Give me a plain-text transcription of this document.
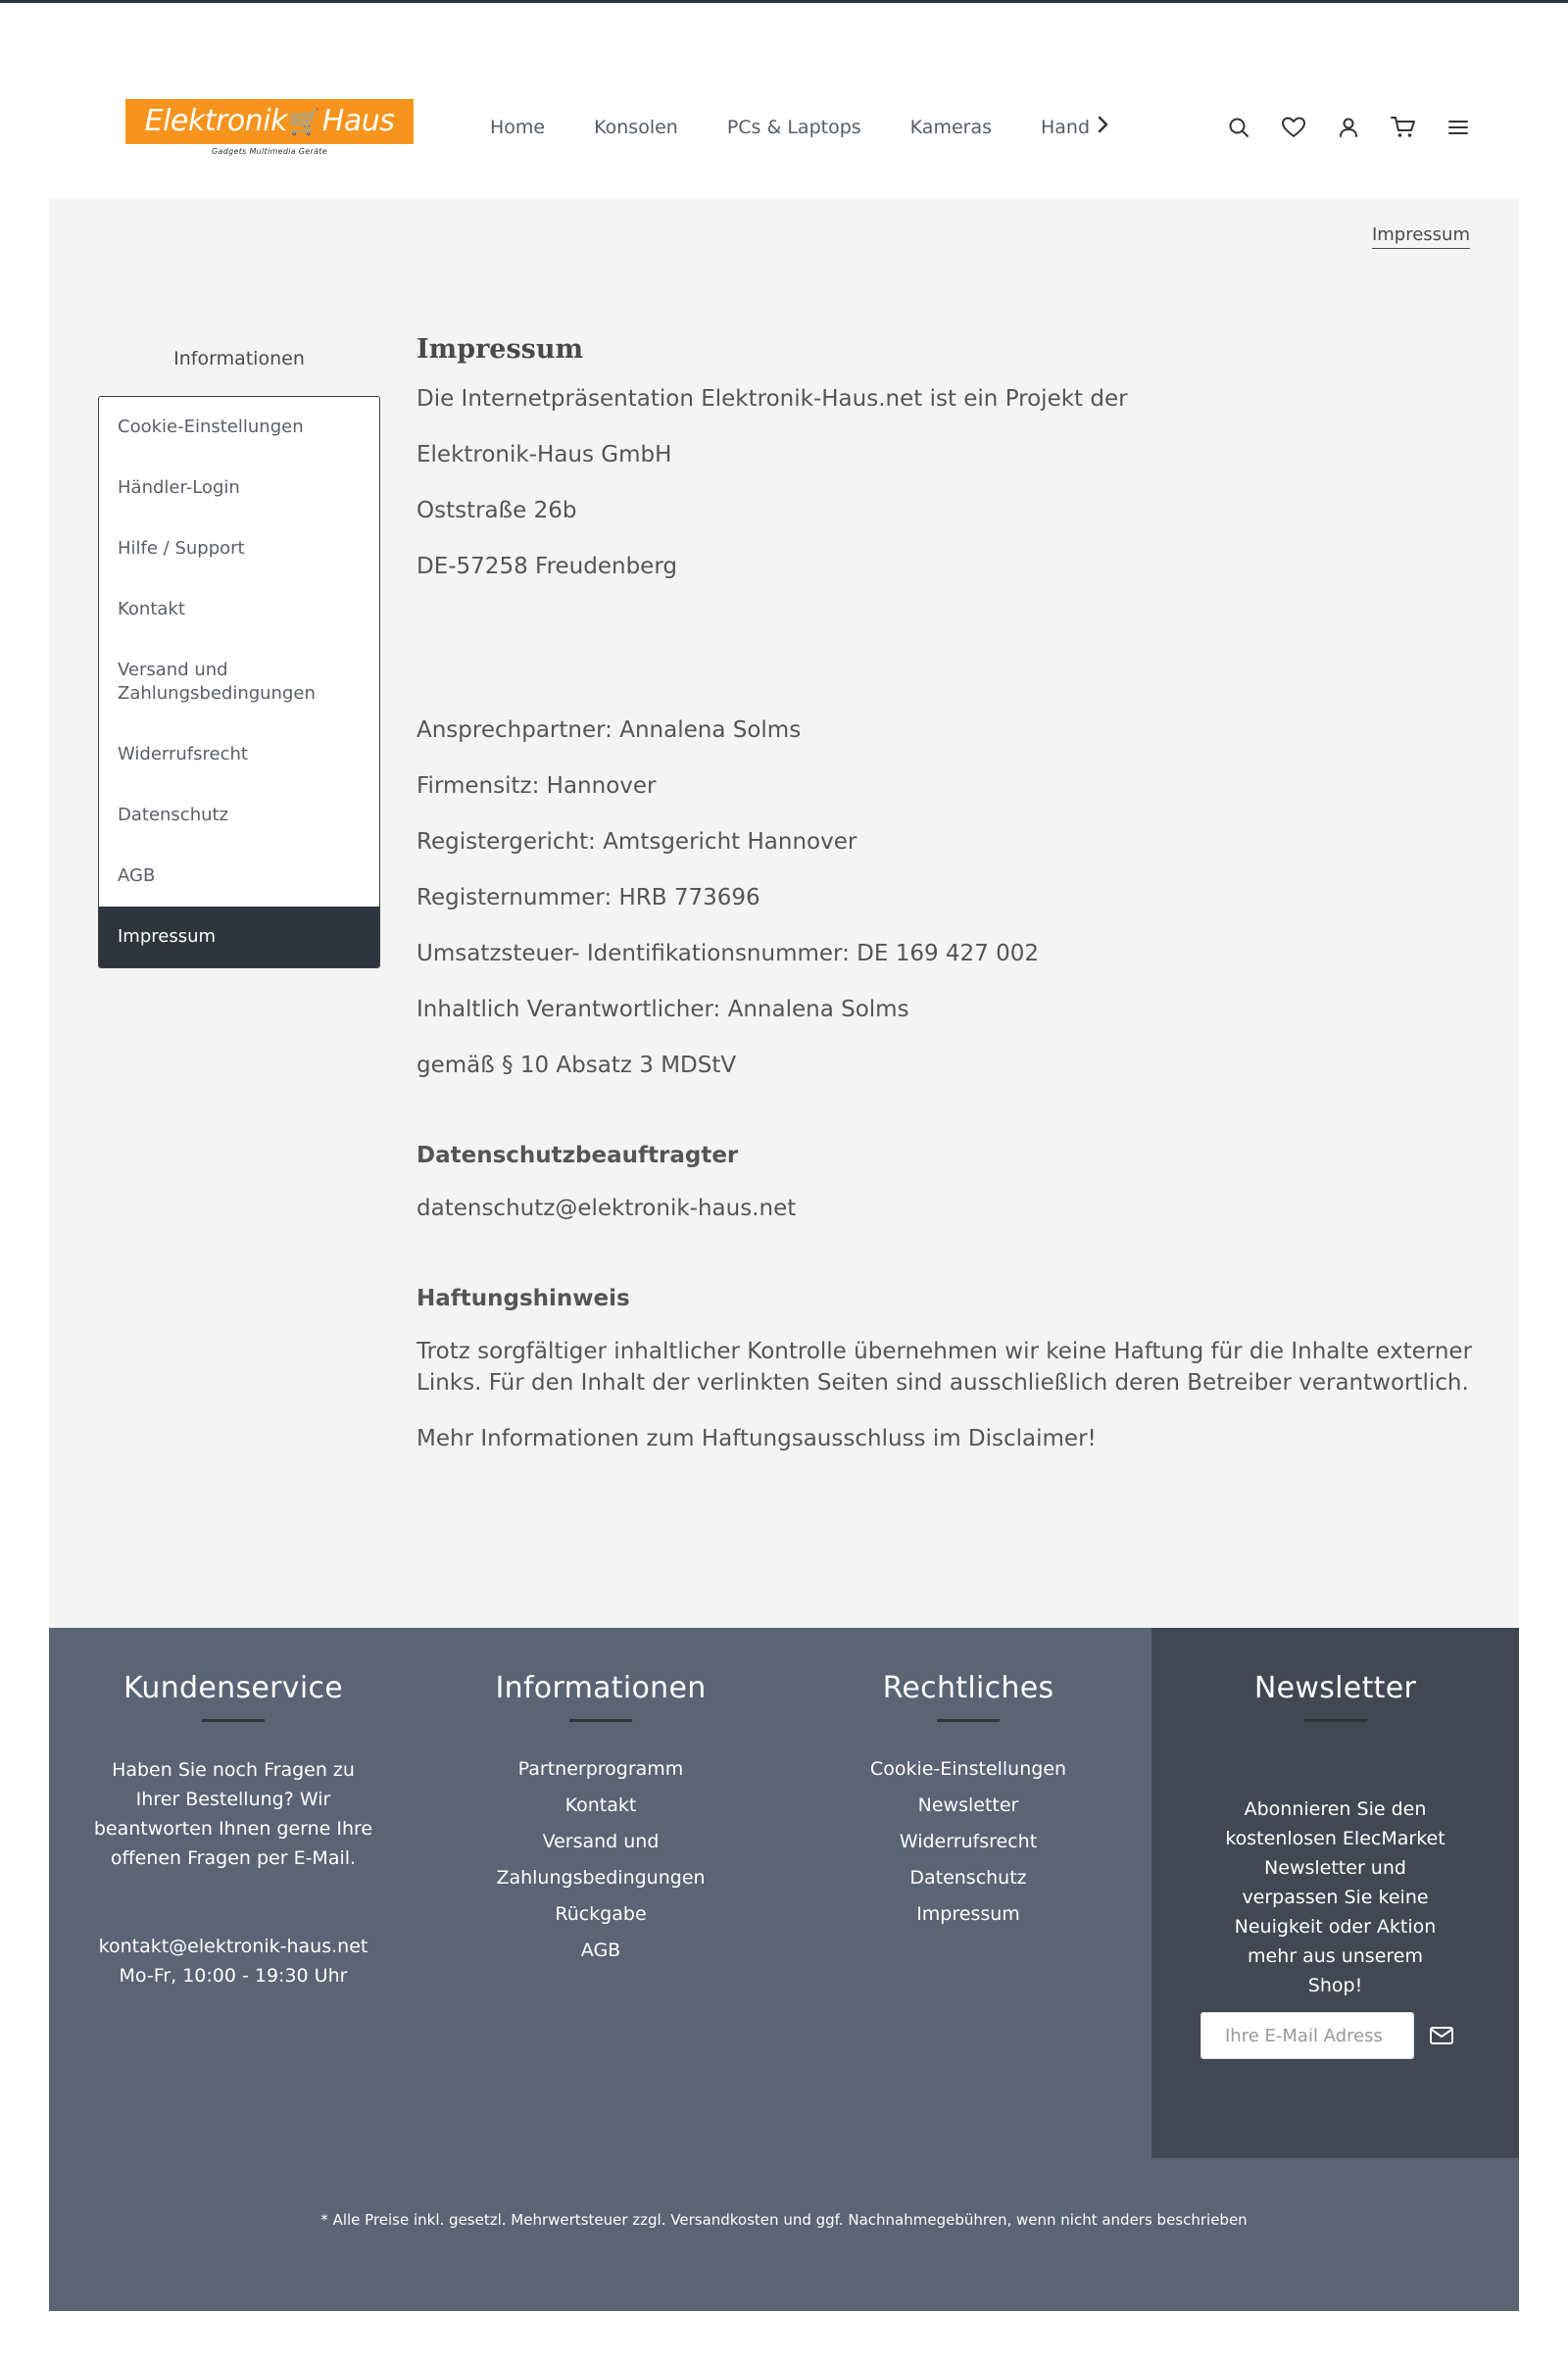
Elektronik🛒Haus
Gadgets Multimedia Geräte
Home	Konsolen	PCs & Laptops	Kameras	Hand
Impressum
Informationen
Cookie-Einstellungen
Händler-Login
Hilfe / Support
Kontakt
Versand und Zahlungsbedingungen
Widerrufsrecht
Datenschutz
AGB
Impressum
Impressum

Die Internetpräsentation Elektronik-Haus.net ist ein Projekt der

Elektronik-Haus GmbH

Oststraße 26b

DE-57258 Freudenberg

Ansprechpartner: Annalena Solms

Firmensitz: Hannover

Registergericht: Amtsgericht Hannover

Registernummer: HRB 773696

Umsatzsteuer- Identifikationsnummer: DE 169 427 002

Inhaltlich Verantwortlicher: Annalena Solms

gemäß § 10 Absatz 3 MDStV

Datenschutzbeauftragter

datenschutz@elektronik-haus.net

Haftungshinweis

Trotz sorgfältiger inhaltlicher Kontrolle übernehmen wir keine Haftung für die Inhalte externer Links. Für den Inhalt der verlinkten Seiten sind ausschließlich deren Betreiber verantwortlich.

Mehr Informationen zum Haftungsausschluss im Disclaimer!

Kundenservice
Haben Sie noch Fragen zu Ihrer Bestellung? Wir beantworten Ihnen gerne Ihre offenen Fragen per E-Mail.
kontakt@elektronik-haus.net
Mo-Fr, 10:00 - 19:30 Uhr
Informationen
Partnerprogramm
Kontakt
Versand und
Zahlungsbedingungen
Rückgabe
AGB
Rechtliches
Cookie-Einstellungen
Newsletter
Widerrufsrecht
Datenschutz
Impressum
Newsletter
Abonnieren Sie den kostenlosen ElecMarket Newsletter und verpassen Sie keine Neuigkeit oder Aktion mehr aus unserem Shop!
Ihre E-Mail Adress
* Alle Preise inkl. gesetzl. Mehrwertsteuer zzgl. Versandkosten und ggf. Nachnahmegebühren, wenn nicht anders beschrieben
